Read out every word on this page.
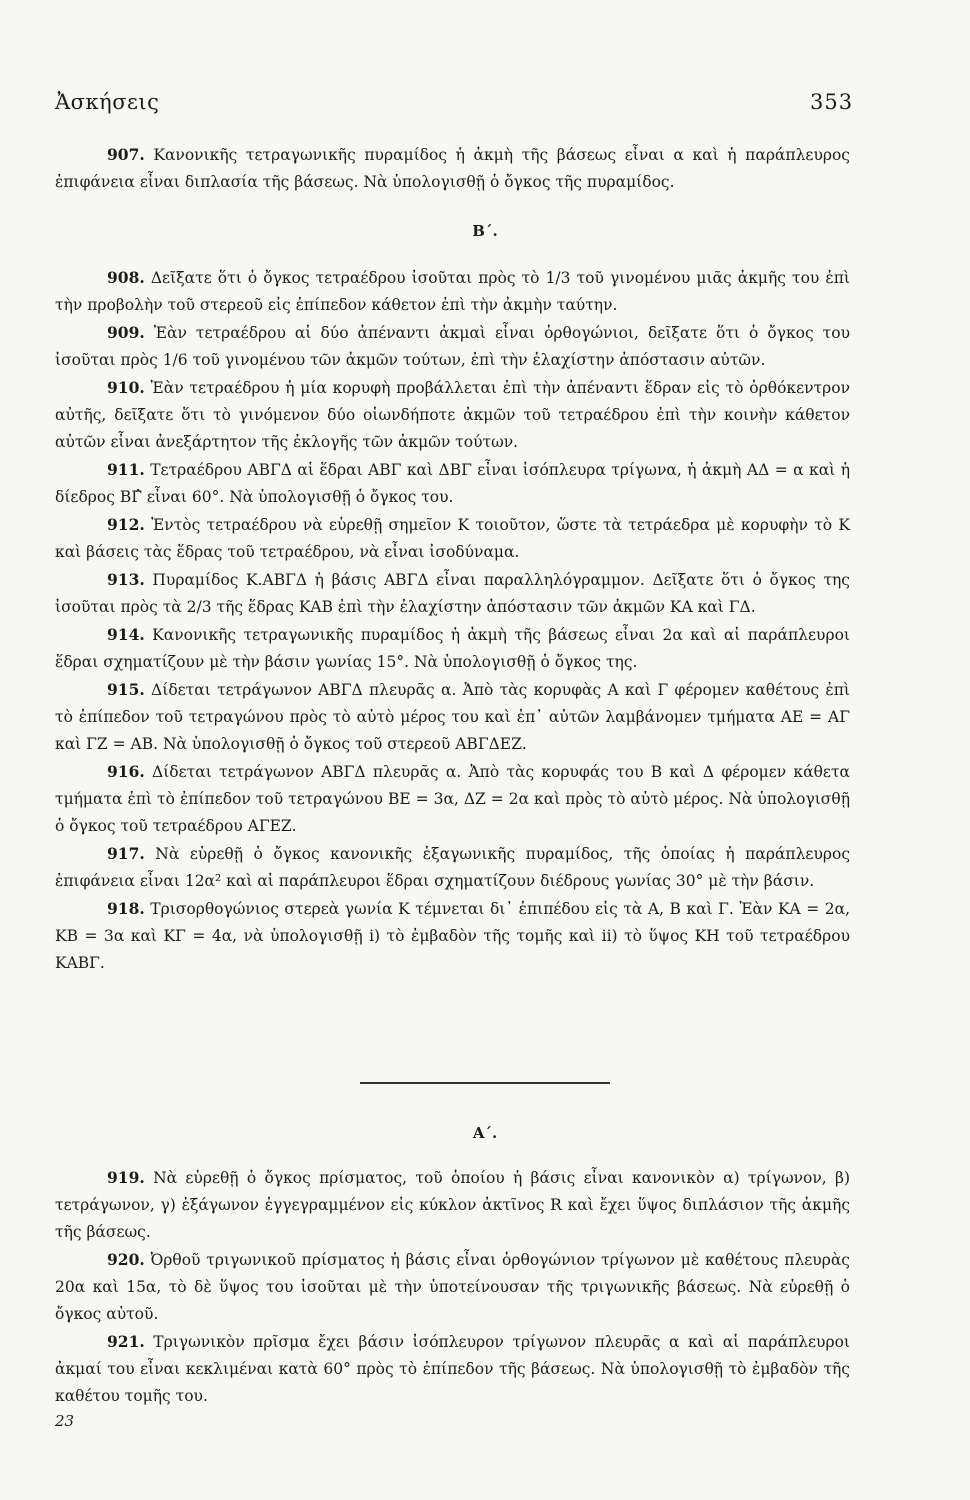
Ἀσκήσεις	353

907. Κανονικῆς τετραγωνικῆς πυραμίδος ἡ ἀκμὴ τῆς βάσεως εἶναι α καὶ ἡ παράπλευρος ἐπιφάνεια εἶναι διπλασία τῆς βάσεως. Νὰ ὑπολογισθῇ ὁ ὄγκος τῆς πυραμίδος.

Β΄.

908. Δεῖξατε ὅτι ὁ ὄγκος τετραέδρου ἰσοῦται πρὸς τὸ 1/3 τοῦ γινομένου μιᾶς ἀκμῆς του ἐπὶ τὴν προβολὴν τοῦ στερεοῦ εἰς ἐπίπεδον κάθετον ἐπὶ τὴν ἀκμὴν ταύτην.

909. Ἐὰν τετραέδρου αἱ δύο ἀπέναντι ἀκμαὶ εἶναι ὀρθογώνιοι, δεῖξατε ὅτι ὁ ὄγκος του ἰσοῦται πρὸς 1/6 τοῦ γινομένου τῶν ἀκμῶν τούτων, ἐπὶ τὴν ἐλαχίστην ἀπόστασιν αὐτῶν.

910. Ἐὰν τετραέδρου ἡ μία κορυφὴ προβάλλεται ἐπὶ τὴν ἀπέναντι ἕδραν εἰς τὸ ὀρθόκεντρον αὐτῆς, δεῖξατε ὅτι τὸ γινόμενον δύο οἱωνδήποτε ἀκμῶν τοῦ τετραέδρου ἐπὶ τὴν κοινὴν κάθετον αὐτῶν εἶναι ἀνεξάρτητον τῆς ἐκλογῆς τῶν ἀκμῶν τούτων.

911. Τετραέδρου ΑΒΓΔ αἱ ἕδραι ΑΒΓ καὶ ΔΒΓ εἶναι ἰσόπλευρα τρίγωνα, ἡ ἀκμὴ ΑΔ = α καὶ ἡ δίεδρος ΒΓ̂ εἶναι 60°. Νὰ ὑπολογισθῇ ὁ ὄγκος του.

912. Ἐντὸς τετραέδρου νὰ εὑρεθῇ σημεῖον Κ τοιοῦτον, ὥστε τὰ τετράεδρα μὲ κορυφὴν τὸ Κ καὶ βάσεις τὰς ἕδρας τοῦ τετραέδρου, νὰ εἶναι ἰσοδύναμα.

913. Πυραμίδος Κ.ΑΒΓΔ ἡ βάσις ΑΒΓΔ εἶναι παραλληλόγραμμον. Δεῖξατε ὅτι ὁ ὄγκος της ἰσοῦται πρὸς τὰ 2/3 τῆς ἕδρας ΚΑΒ ἐπὶ τὴν ἐλαχίστην ἀπόστασιν τῶν ἀκμῶν ΚΑ καὶ ΓΔ.

914. Κανονικῆς τετραγωνικῆς πυραμίδος ἡ ἀκμὴ τῆς βάσεως εἶναι 2α καὶ αἱ παράπλευροι ἕδραι σχηματίζουν μὲ τὴν βάσιν γωνίας 15°. Νὰ ὑπολογισθῇ ὁ ὄγκος της.

915. Δίδεται τετράγωνον ΑΒΓΔ πλευρᾶς α. Ἀπὸ τὰς κορυφὰς Α καὶ Γ φέρομεν καθέτους ἐπὶ τὸ ἐπίπεδον τοῦ τετραγώνου πρὸς τὸ αὐτὸ μέρος του καὶ ἐπ᾽ αὐτῶν λαμβάνομεν τμήματα ΑΕ = ΑΓ καὶ ΓΖ = ΑΒ. Νὰ ὑπολογισθῇ ὁ ὄγκος τοῦ στερεοῦ ΑΒΓΔΕΖ.

916. Δίδεται τετράγωνον ΑΒΓΔ πλευρᾶς α. Ἀπὸ τὰς κορυφάς του Β καὶ Δ φέρομεν κάθετα τμήματα ἐπὶ τὸ ἐπίπεδον τοῦ τετραγώνου ΒΕ = 3α, ΔΖ = 2α καὶ πρὸς τὸ αὐτὸ μέρος. Νὰ ὑπολογισθῇ ὁ ὄγκος τοῦ τετραέδρου ΑΓΕΖ.

917. Νὰ εὑρεθῇ ὁ ὄγκος κανονικῆς ἑξαγωνικῆς πυραμίδος, τῆς ὁποίας ἡ παράπλευρος ἐπιφάνεια εἶναι 12α² καὶ αἱ παράπλευροι ἕδραι σχηματίζουν διέδρους γωνίας 30° μὲ τὴν βάσιν.

918. Τρισορθογώνιος στερεὰ γωνία Κ τέμνεται δι᾽ ἐπιπέδου εἰς τὰ Α, Β καὶ Γ. Ἐὰν ΚΑ = 2α, ΚΒ = 3α καὶ ΚΓ = 4α, νὰ ὑπολογισθῇ i) τὸ ἐμβαδὸν τῆς τομῆς καὶ ii) τὸ ὕψος ΚΗ τοῦ τετραέδρου ΚΑΒΓ.

Α΄.

919. Νὰ εὑρεθῇ ὁ ὄγκος πρίσματος, τοῦ ὁποίου ἡ βάσις εἶναι κανονικὸν α) τρίγωνον, β) τετράγωνον, γ) ἑξάγωνον ἐγγεγραμμένον εἰς κύκλον ἀκτῖνος R καὶ ἔχει ὕψος διπλάσιον τῆς ἀκμῆς τῆς βάσεως.

920. Ὀρθοῦ τριγωνικοῦ πρίσματος ἡ βάσις εἶναι ὀρθογώνιον τρίγωνον μὲ καθέτους πλευρὰς 20α καὶ 15α, τὸ δὲ ὕψος του ἰσοῦται μὲ τὴν ὑποτείνουσαν τῆς τριγωνικῆς βάσεως. Νὰ εὑρεθῇ ὁ ὄγκος αὐτοῦ.

921. Τριγωνικὸν πρῖσμα ἔχει βάσιν ἰσόπλευρον τρίγωνον πλευρᾶς α καὶ αἱ παράπλευροι ἀκμαί του εἶναι κεκλιμέναι κατὰ 60° πρὸς τὸ ἐπίπεδον τῆς βάσεως. Νὰ ὑπολογισθῇ τὸ ἐμβαδὸν τῆς καθέτου τομῆς του.

23
